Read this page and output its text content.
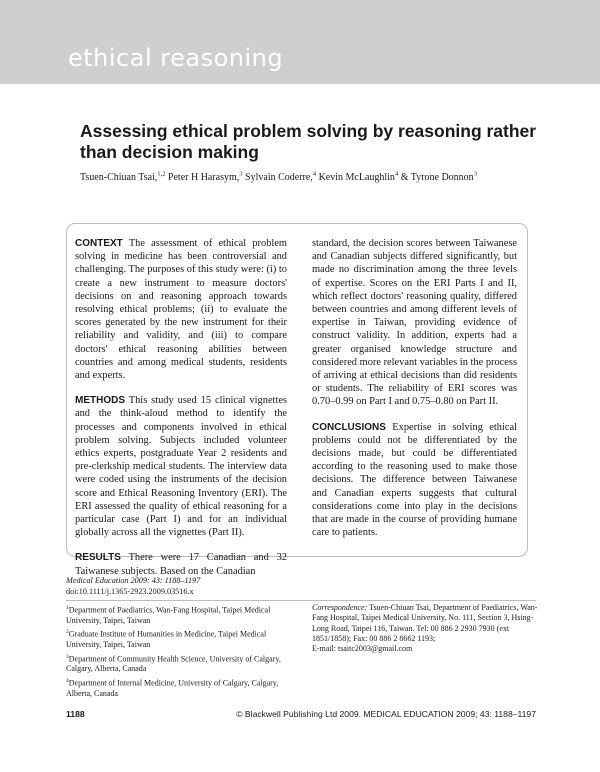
ethical reasoning
Assessing ethical problem solving by reasoning rather than decision making
Tsuen-Chiuan Tsai,$^{1,2}$ Peter H Harasym,$^3$ Sylvain Coderre,$^4$ Kevin McLaughlin$^4$ & Tyrone Donnon$^3$

CONTEXT The assessment of ethical problem solving in medicine has been controversial and challenging. The purposes of this study were: (i) to create a new instrument to measure doctors' decisions on and reasoning approach towards resolving ethical problems; (ii) to evaluate the scores generated by the new instrument for their reliability and validity, and (iii) to compare doctors' ethical reasoning abilities between countries and among medical students, residents and experts.

METHODS This study used 15 clinical vignettes and the think-aloud method to identify the processes and components involved in ethical problem solving. Subjects included volunteer ethics experts, postgraduate Year 2 residents and pre-clerkship medical students. The interview data were coded using the instruments of the decision score and Ethical Reasoning Inventory (ERI). The ERI assessed the quality of ethical reasoning for a particular case (Part I) and for an individual globally across all the vignettes (Part II).

RESULTS There were 17 Canadian and 32 Taiwanese subjects. Based on the Canadian

standard, the decision scores between Taiwanese and Canadian subjects differed significantly, but made no discrimination among the three levels of expertise. Scores on the ERI Parts I and II, which reflect doctors' reasoning quality, differed between countries and among different levels of expertise in Taiwan, providing evidence of construct validity. In addition, experts had a greater organised knowledge structure and considered more relevant variables in the process of arriving at ethical decisions than did residents or students. The reliability of ERI scores was 0.70–0.99 on Part I and 0.75–0.80 on Part II.

CONCLUSIONS Expertise in solving ethical problems could not be differentiated by the decisions made, but could be differentiated according to the reasoning used to make those decisions. The difference between Taiwanese and Canadian experts suggests that cultural considerations come into play in the decisions that are made in the course of providing humane care to patients.

Medical Education 2009: 43: 1188–1197
doi:10.1111/j.1365-2923.2009.03516.x
$^1$Department of Paediatrics, Wan-Fang Hospital, Taipei Medical University, Taipei, Taiwan
$^2$Graduate Institute of Humanities in Medicine, Taipei Medical University, Taipei, Taiwan
$^3$Department of Community Health Science, University of Calgary, Calgary, Alberta, Canada
$^4$Department of Internal Medicine, University of Calgary, Calgary, Alberta, Canada
Correspondence: Tsuen-Chiuan Tsai, Department of Paediatrics, Wan-Fang Hospital, Taipei Medical University, No. 111, Section 3, Hsing-Long Road, Taipei 116, Taiwan. Tel: 00 886 2 2930 7930 (ext 1851/1858); Fax: 00 886 2 8662 1193;
E-mail: tsaitc2003@gmail.com
1188	© Blackwell Publishing Ltd 2009. MEDICAL EDUCATION 2009; 43: 1188–1197
